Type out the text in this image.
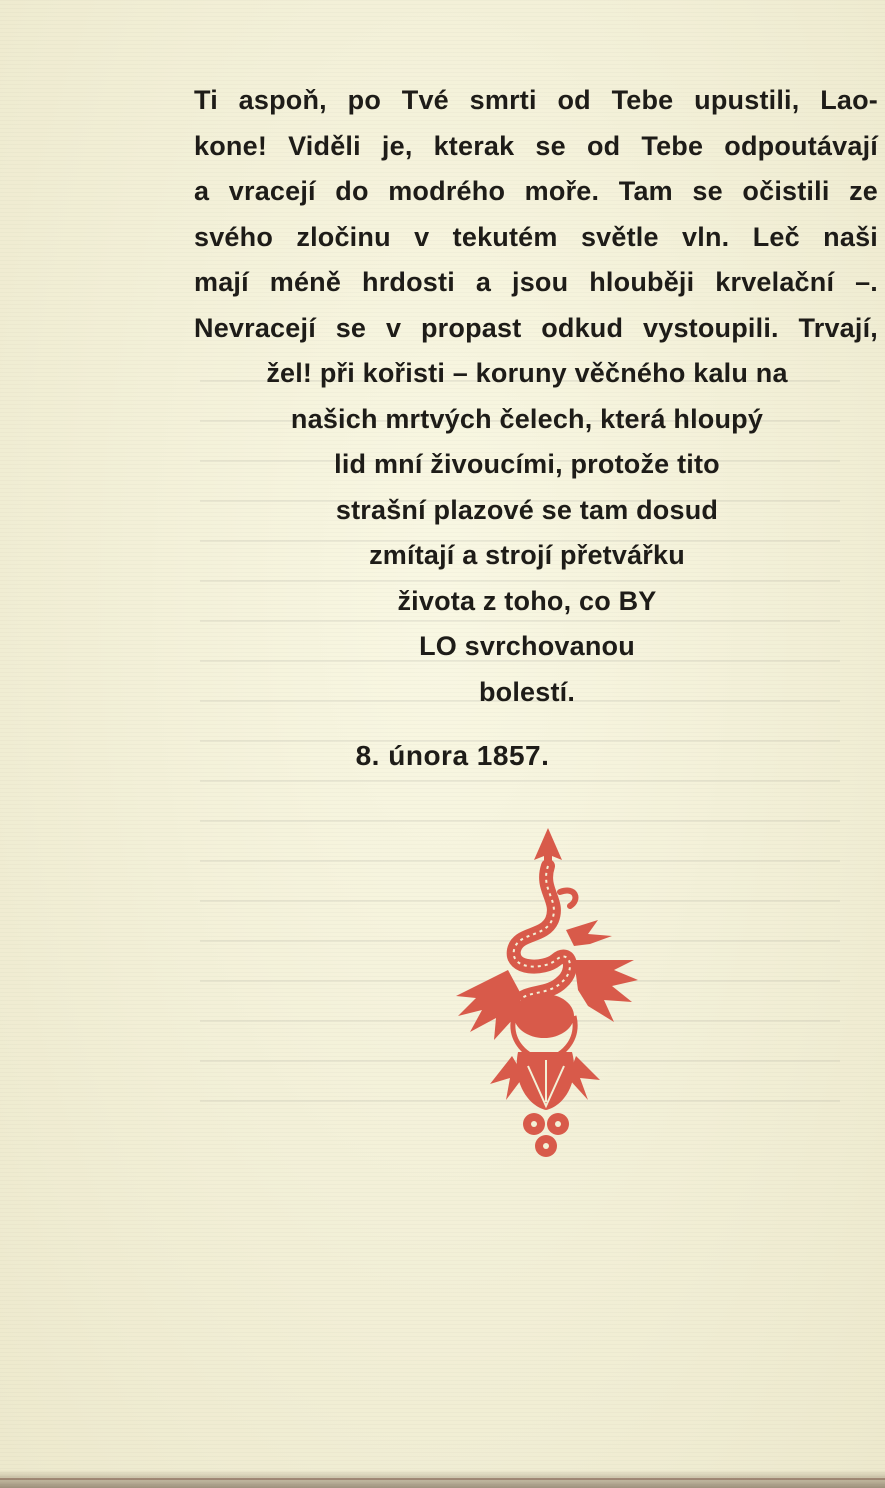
Ti aspoň, po Tvé smrti od Tebe upustili, Lao-
kone! Viděli je, kterak se od Tebe odpoutávají
a vracejí do modrého moře. Tam se očistili ze
svého zločinu v tekutém světle vln. Leč naši
mají méně hrdosti a jsou hlouběji krvelační –.
Nevracejí se v propast odkud vystoupili. Trvají,
žel! při kořisti – koruny věčného kalu na
našich mrtvých čelech, která hloupý
lid mní živoucími, protože tito
strašní plazové se tam dosud
zmítají a strojí přetvářku
života z toho, co BY
LO svrchovanou
bolestí.
8. února 1857.
